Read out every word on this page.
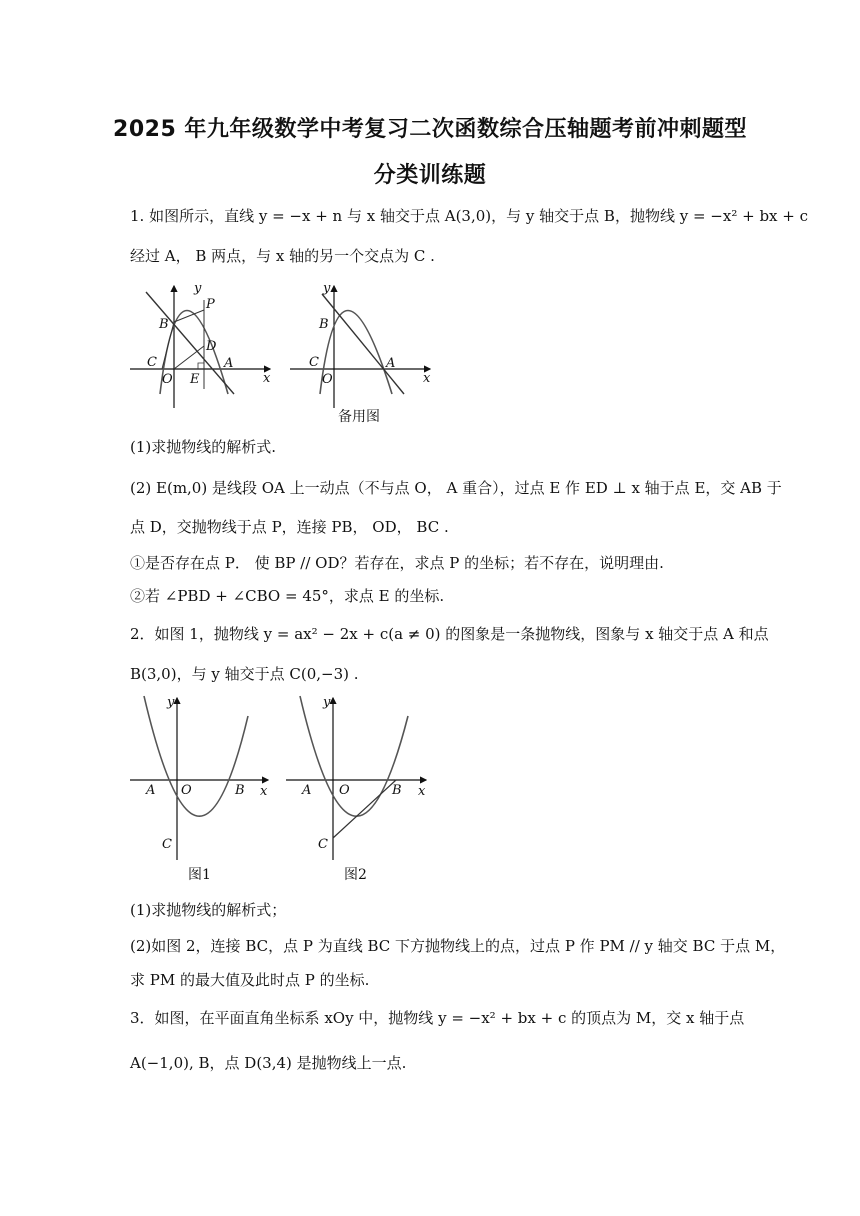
2025 年九年级数学中考复习二次函数综合压轴题考前冲刺题型
分类训练题
1. 如图所示，直线 y = −x + n 与 x 轴交于点 A(3,0)，与 y 轴交于点 B，抛物线 y = −x² + bx + c
经过 A， B 两点，与 x 轴的另一个交点为 C .
y
x
O
A
B
C
D
E
P
y
x
O
A
B
C
备用图
(1)求抛物线的解析式.
(2) E(m,0) 是线段 OA 上一动点（不与点 O， A 重合），过点 E 作 ED ⊥ x 轴于点 E，交 AB 于
点 D，交抛物线于点 P，连接 PB， OD， BC .
①是否存在点 P． 使 BP // OD？若存在，求点 P 的坐标；若不存在，说明理由.
②若 ∠PBD + ∠CBO = 45°，求点 E 的坐标.
2．如图 1，抛物线 y = ax² − 2x + c(a ≠ 0) 的图象是一条抛物线，图象与 x 轴交于点 A 和点
B(3,0)，与 y 轴交于点 C(0,−3) .
y
x
O
A	B
C
图1
y
x
O
A	B
C
图2
(1)求抛物线的解析式；
(2)如图 2，连接 BC，点 P 为直线 BC 下方抛物线上的点，过点 P 作 PM // y 轴交 BC 于点 M，
求 PM 的最大值及此时点 P 的坐标.
3．如图，在平面直角坐标系 xOy 中，抛物线 y = −x² + bx + c 的顶点为 M，交 x 轴于点
A(−1,0), B，点 D(3,4) 是抛物线上一点.
